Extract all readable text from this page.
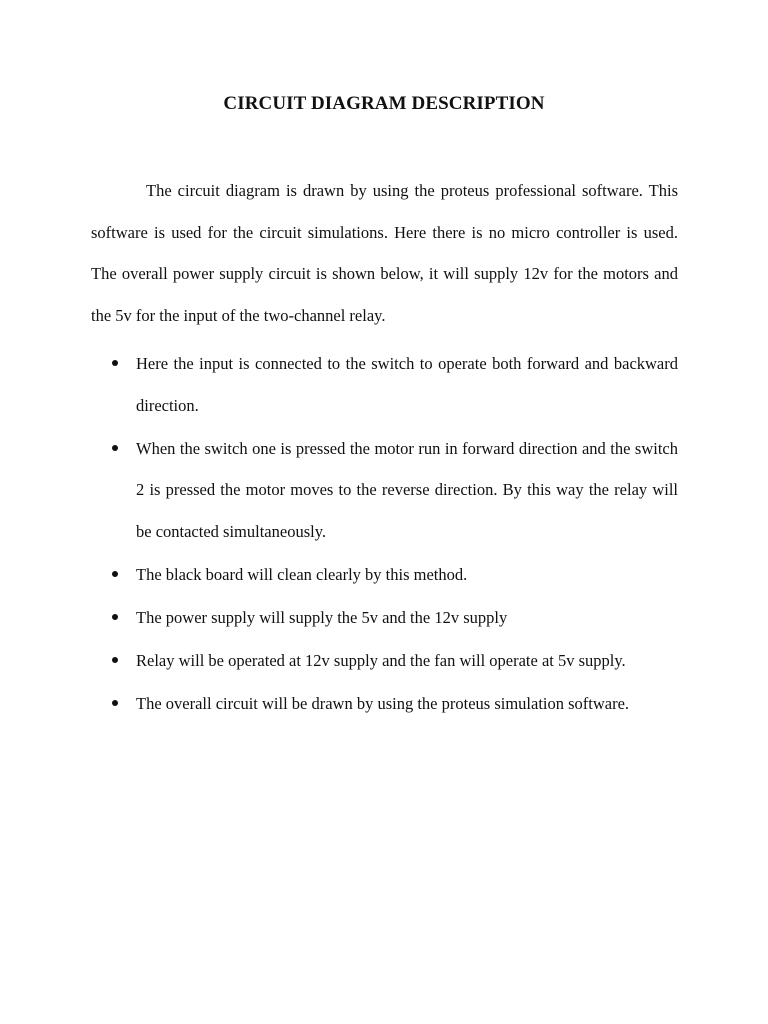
CIRCUIT DIAGRAM DESCRIPTION

The circuit diagram is drawn by using the proteus professional software. This software is used for the circuit simulations. Here there is no micro controller is used. The overall power supply circuit is shown below, it will supply 12v for the motors and the 5v for the input of the two-channel relay.

Here the input is connected to the switch to operate both forward and backward direction.
When the switch one is pressed the motor run in forward direction and the switch 2 is pressed the motor moves to the reverse direction. By this way the relay will be contacted simultaneously.
The black board will clean clearly by this method.
The power supply will supply the 5v and the 12v supply
Relay will be operated at 12v supply and the fan will operate at 5v supply.
The overall circuit will be drawn by using the proteus simulation software.
